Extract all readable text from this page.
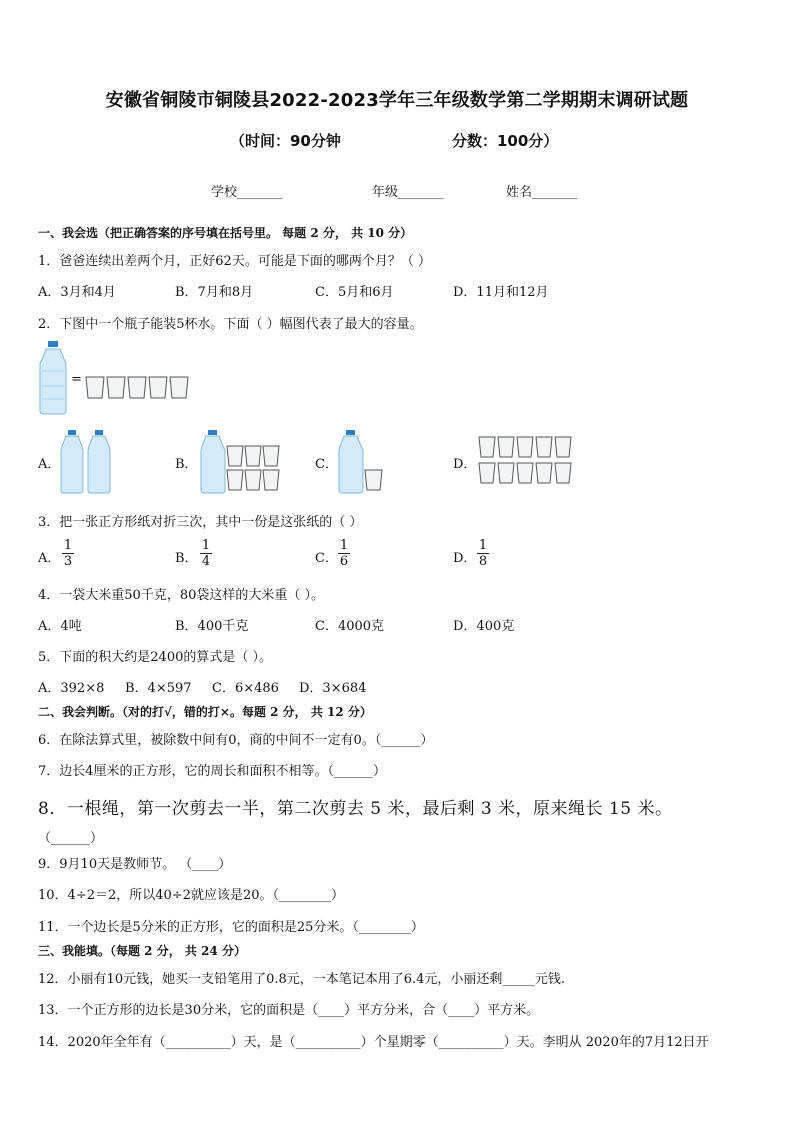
安徽省铜陵市铜陵县2022-2023学年三年级数学第二学期期末调研试题
（时间：90分钟	分数：100分）
学校_______	年级_______	姓名_______
一、我会选（把正确答案的序号填在括号里。 每题 2 分， 共 10 分）
1．爸爸连续出差两个月，正好62天。可能是下面的哪两个月？（ ）
A．3月和4月	B．7月和8月	C．5月和6月	D．11月和12月
2．下图中一个瓶子能装5杯水。下面（ ）幅图代表了最大的容量。
=
A．	B．	C．	D．
3．把一张正方形纸对折三次，其中一份是这张纸的（ ）
A． $\frac{1}{3}$	B． $\frac{1}{4}$	C． $\frac{1}{6}$	D． $\frac{1}{8}$
4．一袋大米重50千克，80袋这样的大米重（ ）。
A．4吨	B．400千克	C．4000克	D．400克
5．下面的积大约是2400的算式是（ ）。
A．392×8 B．4×597 C．6×486 D．3×684
二、我会判断。（对的打√，错的打×。每题 2 分， 共 12 分）
6．在除法算式里，被除数中间有0，商的中间不一定有0。（______）
7．边长4厘米的正方形，它的周长和面积不相等。（______）
8．一根绳，第一次剪去一半，第二次剪去 5 米，最后剩 3 米，原来绳长 15 米。
（______）
9．9月10天是教师节。 （____）
10．4÷2＝2，所以40÷2就应该是20。（________）
11．一个边长是5分米的正方形，它的面积是25分米。（________）
三、我能填。（每题 2 分， 共 24 分）
12．小丽有10元钱，她买一支铅笔用了0.8元，一本笔记本用了6.4元，小丽还剩_____元钱.
13．一个正方形的边长是30分米，它的面积是（____）平方分米，合（____）平方米。
14．2020年全年有（__________）天，是（__________）个星期零（__________）天。李明从 2020年的7月12日开
